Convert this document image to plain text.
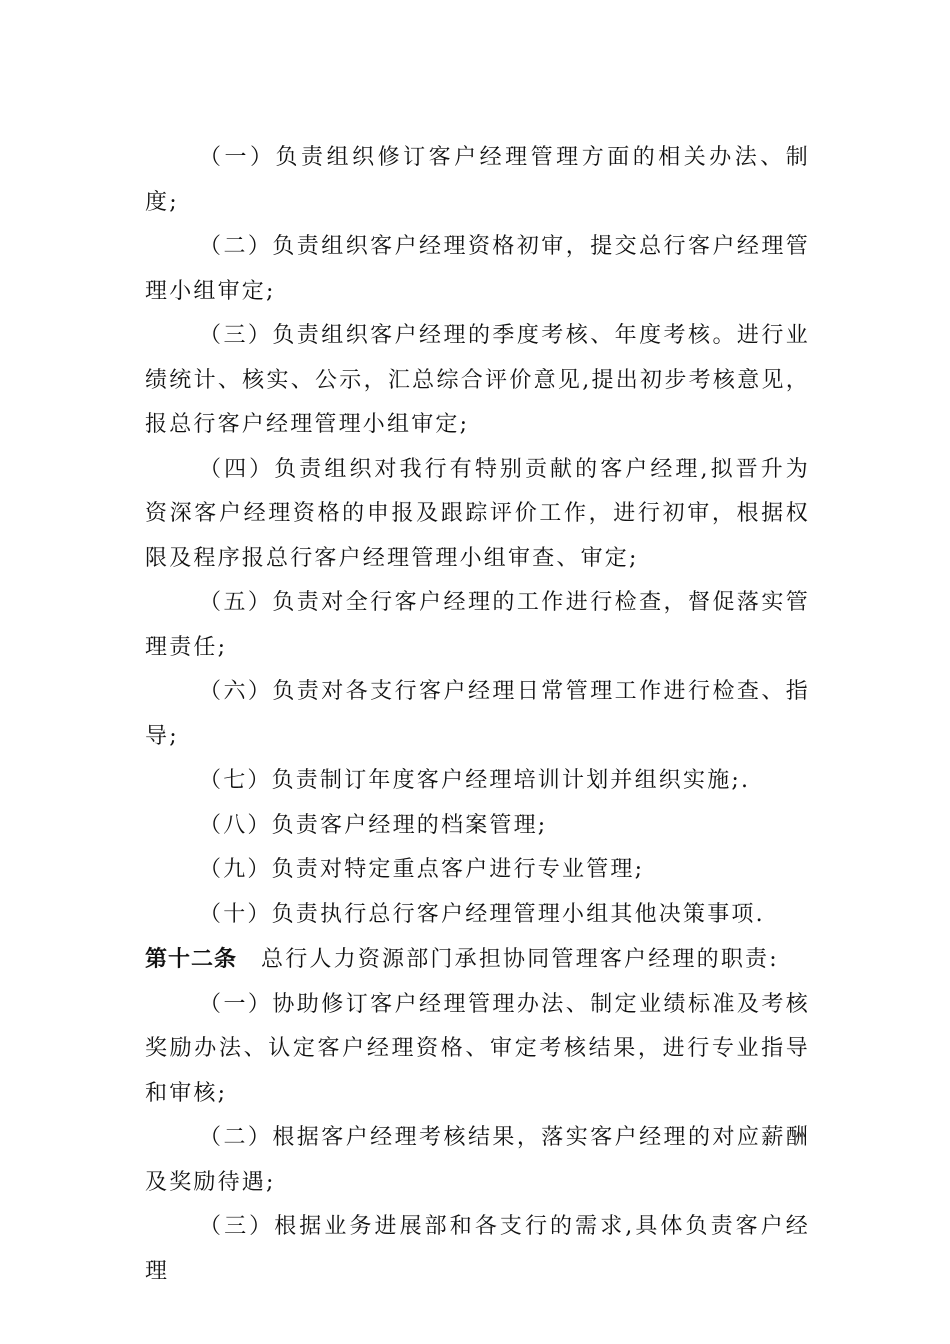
（一）负责组织修订客户经理管理方面的相关办法、制度;

（二）负责组织客户经理资格初审，提交总行客户经理管理小组审定;

（三）负责组织客户经理的季度考核、年度考核。进行业绩统计、核实、公示，汇总综合评价意见,提出初步考核意见，报总行客户经理管理小组审定;

（四）负责组织对我行有特别贡献的客户经理,拟晋升为资深客户经理资格的申报及跟踪评价工作，进行初审，根据权限及程序报总行客户经理管理小组审查、审定;

（五）负责对全行客户经理的工作进行检查，督促落实管理责任;

（六）负责对各支行客户经理日常管理工作进行检查、指导;

（七）负责制订年度客户经理培训计划并组织实施;.

（八）负责客户经理的档案管理;

（九）负责对特定重点客户进行专业管理;

（十）负责执行总行客户经理管理小组其他决策事项.

第十二条 总行人力资源部门承担协同管理客户经理的职责:

（一）协助修订客户经理管理办法、制定业绩标准及考核奖励办法、认定客户经理资格、审定考核结果，进行专业指导和审核;

（二）根据客户经理考核结果，落实客户经理的对应薪酬及奖励待遇;

（三）根据业务进展部和各支行的需求,具体负责客户经理
